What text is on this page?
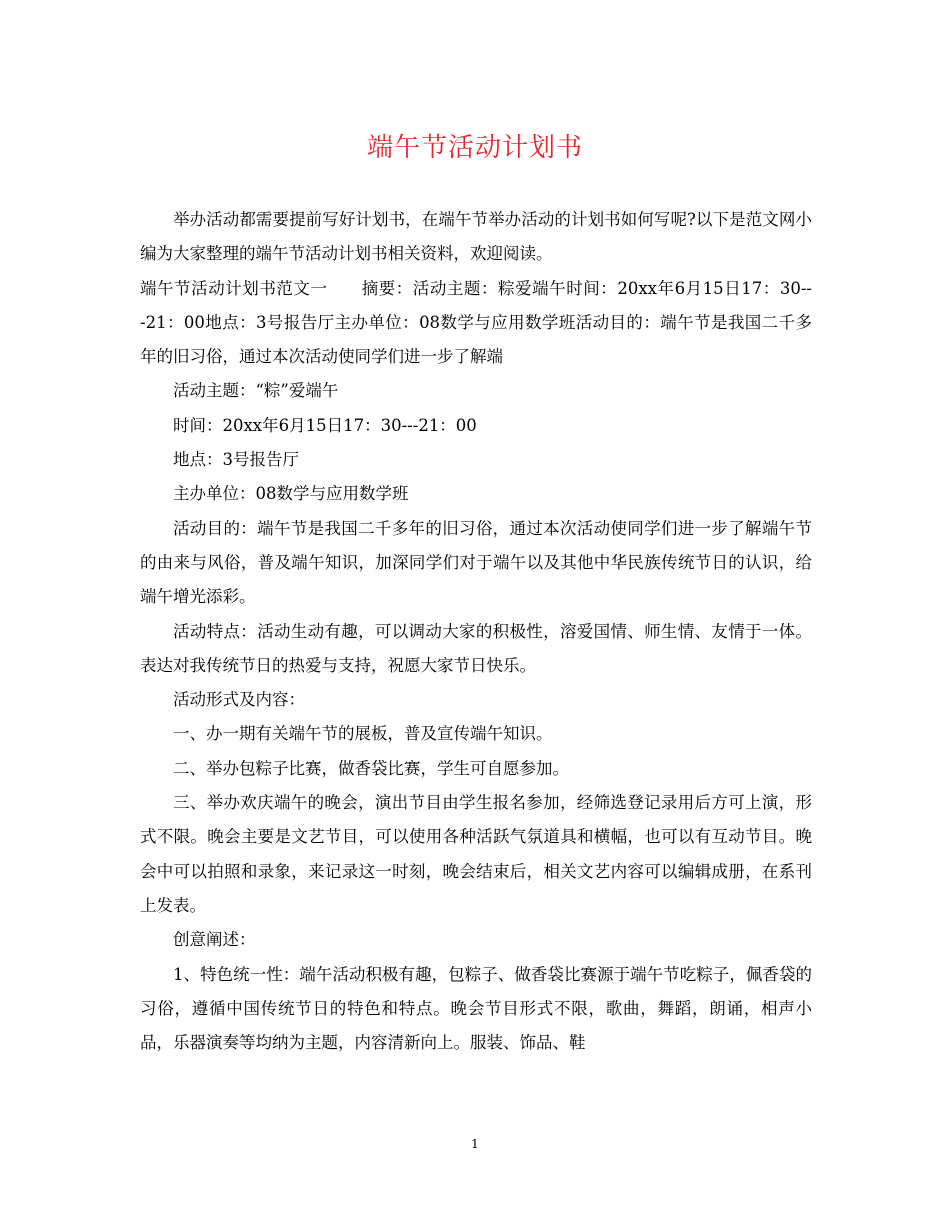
端午节活动计划书

举办活动都需要提前写好计划书，在端午节举办活动的计划书如何写呢?以下是范文网小编为大家整理的端午节活动计划书相关资料，欢迎阅读。

端午节活动计划书范文一　　摘要：活动主题：粽爱端午时间：20xx年6月15日17：30---21：00地点：3号报告厅主办单位：08数学与应用数学班活动目的：端午节是我国二千多年的旧习俗，通过本次活动使同学们进一步了解端

活动主题：“粽”爱端午

时间：20xx年6月15日17：30---21：00

地点：3号报告厅

主办单位：08数学与应用数学班

活动目的：端午节是我国二千多年的旧习俗，通过本次活动使同学们进一步了解端午节的由来与风俗，普及端午知识，加深同学们对于端午以及其他中华民族传统节日的认识，给端午增光添彩。

活动特点：活动生动有趣，可以调动大家的积极性，溶爱国情、师生情、友情于一体。表达对我传统节日的热爱与支持，祝愿大家节日快乐。

活动形式及内容：

一、办一期有关端午节的展板，普及宣传端午知识。

二、举办包粽子比赛，做香袋比赛，学生可自愿参加。

三、举办欢庆端午的晚会，演出节目由学生报名参加，经筛选登记录用后方可上演，形式不限。晚会主要是文艺节目，可以使用各种活跃气氛道具和横幅，也可以有互动节目。晚会中可以拍照和录象，来记录这一时刻，晚会结束后，相关文艺内容可以编辑成册，在系刊上发表。

创意阐述：

1、特色统一性：端午活动积极有趣，包粽子、做香袋比赛源于端午节吃粽子，佩香袋的习俗，遵循中国传统节日的特色和特点。晚会节目形式不限，歌曲，舞蹈，朗诵，相声小品，乐器演奏等均纳为主题，内容清新向上。服装、饰品、鞋

1
